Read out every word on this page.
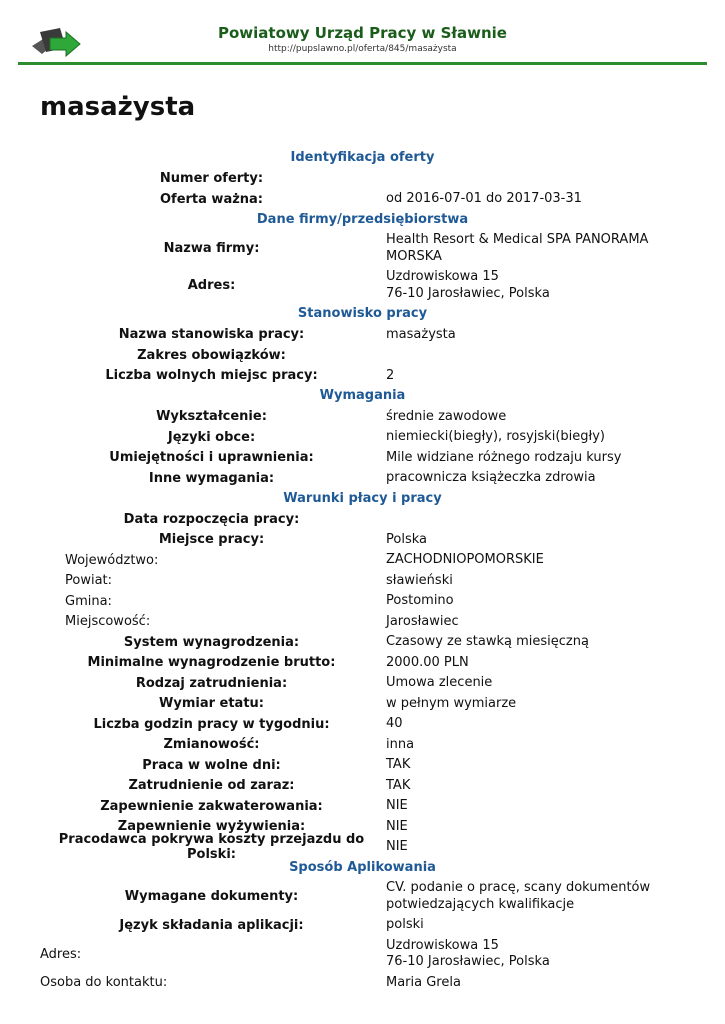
Powiatowy Urząd Pracy w Sławnie
http://pupslawno.pl/oferta/845/masażysta
masażysta
Identyfikacja oferty
Numer oferty:
Oferta ważna:	od 2016-07-01 do 2017-03-31
Dane firmy/przedsiębiorstwa
Nazwa firmy:
Health Resort & Medical SPA PANORAMA MORSKA
Adres:
Uzdrowiskowa 15
76-10 Jarosławiec, Polska
Stanowisko pracy
Nazwa stanowiska pracy:	masażysta
Zakres obowiązków:
Liczba wolnych miejsc pracy:	2
Wymagania
Wykształcenie:	średnie zawodowe
Języki obce:	niemiecki(biegły), rosyjski(biegły)
Umiejętności i uprawnienia:	Mile widziane różnego rodzaju kursy
Inne wymagania:	pracownicza książeczka zdrowia
Warunki płacy i pracy
Data rozpoczęcia pracy:
Miejsce pracy:	Polska
Województwo:	ZACHODNIOPOMORSKIE
Powiat:	sławieński
Gmina:	Postomino
Miejscowość:	Jarosławiec
System wynagrodzenia:	Czasowy ze stawką miesięczną
Minimalne wynagrodzenie brutto:	2000.00 PLN
Rodzaj zatrudnienia:	Umowa zlecenie
Wymiar etatu:	w pełnym wymiarze
Liczba godzin pracy w tygodniu:	40
Zmianowość:	inna
Praca w wolne dni:	TAK
Zatrudnienie od zaraz:	TAK
Zapewnienie zakwaterowania:	NIE
Zapewnienie wyżywienia:	NIE
Pracodawca pokrywa koszty przejazdu do Polski:
NIE
Sposób Aplikowania
Wymagane dokumenty:
CV. podanie o pracę, scany dokumentów potwiedzających kwalifikacje
Język składania aplikacji:	polski
Adres:
Uzdrowiskowa 15
76-10 Jarosławiec, Polska
Osoba do kontaktu:	Maria Grela
